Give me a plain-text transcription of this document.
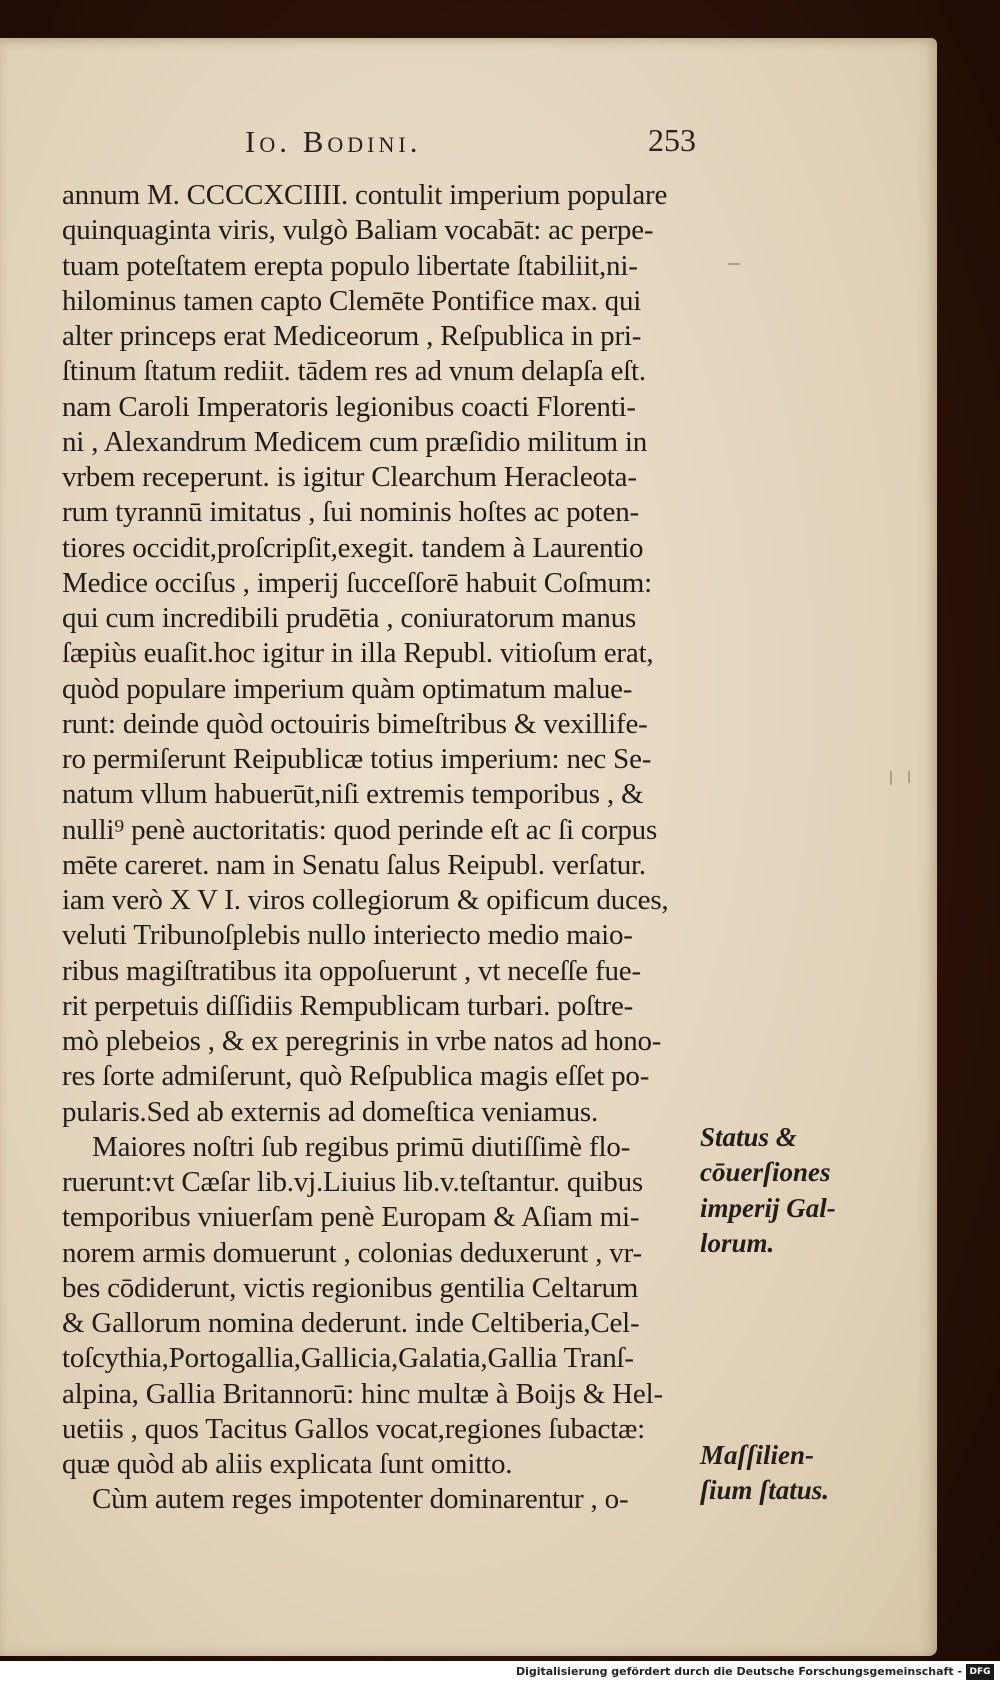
Io. Bodini.	253
annum M. CCCCXCIIII. contulit imperium populare
quinquaginta viris, vulgò Baliam vocabāt: ac perpe-
tuam poteſtatem erepta populo libertate ſtabiliit,ni-
hilominus tamen capto Clemēte Pontifice max. qui
alter princeps erat Mediceorum , Reſpublica in pri-
ſtinum ſtatum rediit. tādem res ad vnum delapſa eſt.
nam Caroli Imperatoris legionibus coacti Florenti-
ni , Alexandrum Medicem cum præſidio militum in
vrbem receperunt. is igitur Clearchum Heracleota-
rum tyrannū imitatus , ſui nominis hoſtes ac poten-
tiores occidit,proſcripſit,exegit. tandem à Laurentio
Medice occiſus , imperij ſucceſſorē habuit Coſmum:
qui cum incredibili prudētia , coniuratorum manus
ſæpiùs euaſit.hoc igitur in illa Republ. vitioſum erat,
quòd populare imperium quàm optimatum malue-
runt: deinde quòd octouiris bimeſtribus & vexillife-
ro permiſerunt Reipublicæ totius imperium: nec Se-
natum vllum habuerūt,niſi extremis temporibus , &
nulli⁹ penè auctoritatis: quod perinde eſt ac ſi corpus
mēte careret. nam in Senatu ſalus Reipubl. verſatur.
iam verò X V I. viros collegiorum & opificum duces,
veluti Tribunoſplebis nullo interiecto medio maio-
ribus magiſtratibus ita oppoſuerunt , vt neceſſe fue-
rit perpetuis diſſidiis Rempublicam turbari. poſtre-
mò plebeios , & ex peregrinis in vrbe natos ad hono-
res ſorte admiſerunt, quò Reſpublica magis eſſet po-
pularis.Sed ab externis ad domeſtica veniamus.
Maiores noſtri ſub regibus primū diutiſſimè flo-
ruerunt:vt Cæſar lib.vj.Liuius lib.v.teſtantur. quibus
temporibus vniuerſam penè Europam & Aſiam mi-
norem armis domuerunt , colonias deduxerunt , vr-
bes cōdiderunt, victis regionibus gentilia Celtarum
& Gallorum nomina dederunt. inde Celtiberia,Cel-
toſcythia,Portogallia,Gallicia,Galatia,Gallia Tranſ-
alpina, Gallia Britannorū: hinc multæ à Boijs & Hel-
uetiis , quos Tacitus Gallos vocat,regiones ſubactæ:
quæ quòd ab aliis explicata ſunt omitto.
Cùm autem reges impotenter dominarentur , o-
Status &
cōuerſiones
imperij Gal-
lorum.
Maſſilien-
ſium ſtatus.
Digitalisierung gefördert durch die Deutsche Forschungsgemeinschaft - DFG
